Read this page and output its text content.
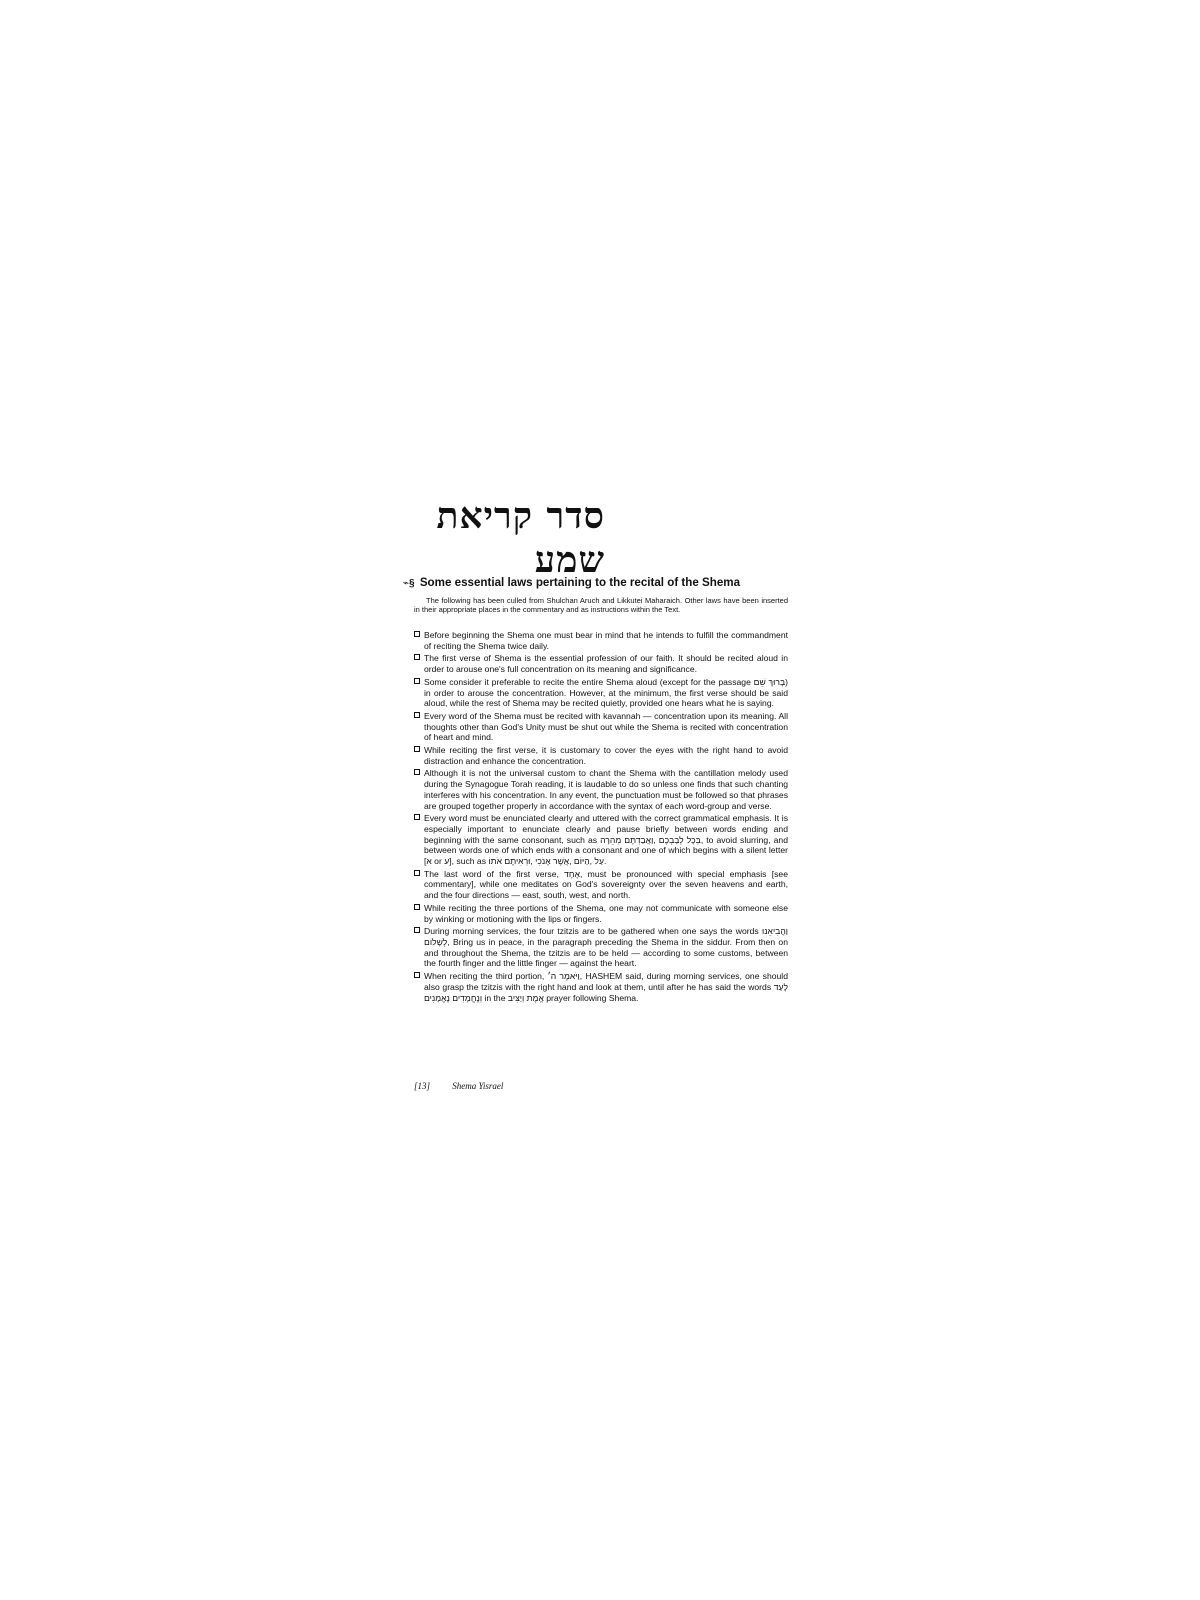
סדר קריאת שמע
⌁§ Some essential laws pertaining to the recital of the Shema

The following has been culled from Shulchan Aruch and Likkutei Maharaich. Other laws have been inserted in their appropriate places in the commentary and as instructions within the Text.

Before beginning the Shema one must bear in mind that he intends to fulfill the commandment of reciting the Shema twice daily.
The first verse of Shema is the essential profession of our faith. It should be recited aloud in order to arouse one's full concentration on its meaning and significance.
Some consider it preferable to recite the entire Shema aloud (except for the passage בָּרוּךְ שֵׁם) in order to arouse the concentration. However, at the minimum, the first verse should be said aloud, while the rest of Shema may be recited quietly, provided one hears what he is saying.
Every word of the Shema must be recited with kavannah — concentration upon its meaning. All thoughts other than God's Unity must be shut out while the Shema is recited with concentration of heart and mind.
While reciting the first verse, it is customary to cover the eyes with the right hand to avoid distraction and enhance the concentration.
Although it is not the universal custom to chant the Shema with the cantillation melody used during the Synagogue Torah reading, it is laudable to do so unless one finds that such chanting interferes with his concentration. In any event, the punctuation must be followed so that phrases are grouped together properly in accordance with the syntax of each word-group and verse.
Every word must be enunciated clearly and uttered with the correct grammatical emphasis. It is especially important to enunciate clearly and pause briefly between words ending and beginning with the same consonant, such as בְּכָל לְבַבְכֶם ,וַאֲבַדְתֶּם מְהֵרָה, to avoid slurring, and between words one of which ends with a consonant and one of which begins with a silent letter [א or ע], such as עַל ,הַיּוֹם ,אֲשֶׁר אָנֹכִי ,וּרְאִיתֶם אֹתוֹ.
The last word of the first verse, אֶחָד, must be pronounced with special emphasis [see commentary], while one meditates on God's sovereignty over the seven heavens and earth, and the four directions — east, south, west, and north.
While reciting the three portions of the Shema, one may not communicate with someone else by winking or motioning with the lips or fingers.
During morning services, the four tzitzis are to be gathered when one says the words וַהֲבִיאֵנוּ לְשָׁלוֹם, Bring us in peace, in the paragraph preceding the Shema in the siddur. From then on and throughout the Shema, the tzitzis are to be held — according to some customs, between the fourth finger and the little finger — against the heart.
When reciting the third portion, וַיֹּאמֶר ה׳, HASHEM said, during morning services, one should also grasp the tzitzis with the right hand and look at them, until after he has said the words לָעַד וְנֶחֱמָדִים נֶאֱמָנִים in the אֱמֶת וְיַצִּיב prayer following Shema.
[13] Shema Yisrael
